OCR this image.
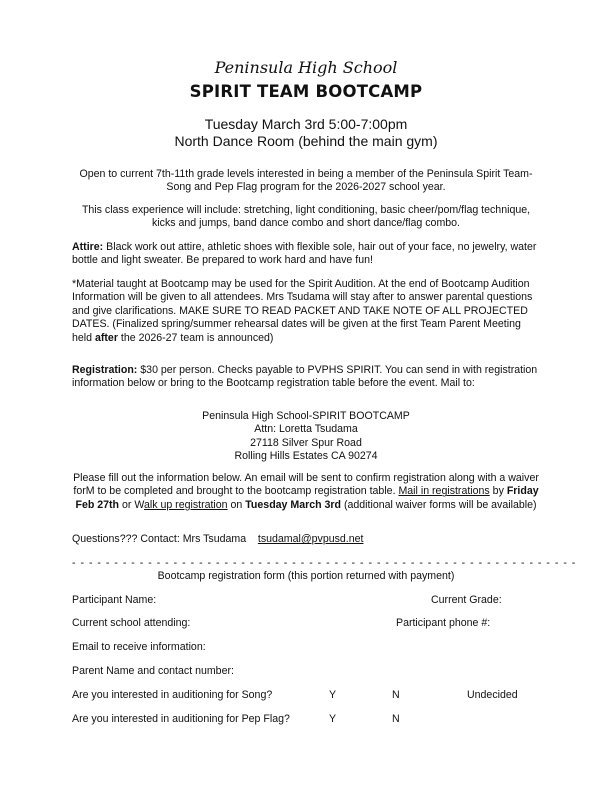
Peninsula High School
SPIRIT TEAM BOOTCAMP
Tuesday March 3rd 5:00-7:00pm
North Dance Room (behind the main gym)
Open to current 7th-11th grade levels interested in being a member of the Peninsula Spirit Team- Song and Pep Flag program for the 2026-2027 school year.
This class experience will include: stretching, light conditioning, basic cheer/pom/flag technique, kicks and jumps, band dance combo and short dance/flag combo.
Attire: Black work out attire, athletic shoes with flexible sole, hair out of your face, no jewelry, water bottle and light sweater. Be prepared to work hard and have fun!
*Material taught at Bootcamp may be used for the Spirit Audition. At the end of Bootcamp Audition Information will be given to all attendees. Mrs Tsudama will stay after to answer parental questions and give clarifications. MAKE SURE TO READ PACKET AND TAKE NOTE OF ALL PROJECTED DATES. (Finalized spring/summer rehearsal dates will be given at the first Team Parent Meeting held after the 2026-27 team is announced)
Registration: $30 per person. Checks payable to PVPHS SPIRIT. You can send in with registration information below or bring to the Bootcamp registration table before the event. Mail to:
Peninsula High School-SPIRIT BOOTCAMP
Attn: Loretta Tsudama
27118 Silver Spur Road
Rolling Hills Estates CA 90274
Please fill out the information below. An email will be sent to confirm registration along with a waiver forM to be completed and brought to the bootcamp registration table. Mail in registrations by Friday Feb 27th or Walk up registration on Tuesday March 3rd (additional waiver forms will be available)
Questions??? Contact: Mrs Tsudama tsudamal@pvpusd.net
- - - - - - - - - - - - - - - - - - - - - - - - - - - - - - - - - - - - - - - - - - - - - - - - - - - - - - - - - - - -
Bootcamp registration form (this portion returned with payment)
Participant Name:	Current Grade:
Current school attending:	Participant phone #:
Email to receive information:
Parent Name and contact number:
Are you interested in auditioning for Song?	Y	N	Undecided
Are you interested in auditioning for Pep Flag?	Y	N
